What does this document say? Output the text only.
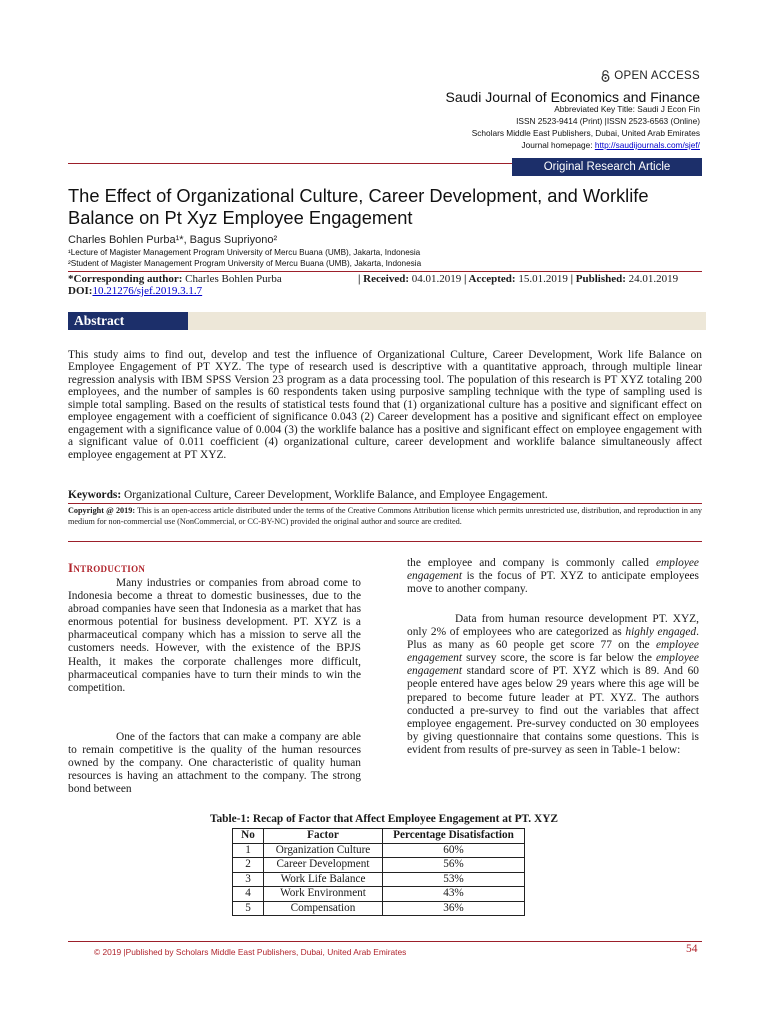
OPEN ACCESS
Saudi Journal of Economics and Finance
Abbreviated Key Title: Saudi J Econ Fin
ISSN 2523-9414 (Print) |ISSN 2523-6563 (Online)
Scholars Middle East Publishers, Dubai, United Arab Emirates
Journal homepage: http://saudijournals.com/sjef/
Original Research Article
The Effect of Organizational Culture, Career Development, and Worklife Balance on Pt Xyz Employee Engagement
Charles Bohlen Purba¹*, Bagus Supriyono²
¹Lecture of Magister Management Program University of Mercu Buana (UMB), Jakarta, Indonesia
²Student of Magister Management Program University of Mercu Buana (UMB), Jakarta, Indonesia
*Corresponding author: Charles Bohlen Purba	| Received: 04.01.2019 | Accepted: 15.01.2019 | Published: 24.01.2019
DOI:10.21276/sjef.2019.3.1.7
Abstract

This study aims to find out, develop and test the influence of Organizational Culture, Career Development, Work life Balance on Employee Engagement of PT XYZ. The type of research used is descriptive with a quantitative approach, through multiple linear regression analysis with IBM SPSS Version 23 program as a data processing tool. The population of this research is PT XYZ totaling 200 employees, and the number of samples is 60 respondents taken using purposive sampling technique with the type of sampling used is simple total sampling. Based on the results of statistical tests found that (1) organizational culture has a positive and significant effect on employee engagement with a coefficient of significance 0.043 (2) Career development has a positive and significant effect on employee engagement with a significance value of 0.004 (3) the worklife balance has a positive and significant effect on employee engagement with a significant value of 0.011 coefficient (4) organizational culture, career development and worklife balance simultaneously affect employee engagement at PT XYZ.

Keywords: Organizational Culture, Career Development, Worklife Balance, and Employee Engagement.

Copyright @ 2019: This is an open-access article distributed under the terms of the Creative Commons Attribution license which permits unrestricted use, distribution, and reproduction in any medium for non-commercial use (NonCommercial, or CC-BY-NC) provided the original author and source are credited.

Introduction

Many industries or companies from abroad come to Indonesia become a threat to domestic businesses, due to the abroad companies have seen that Indonesia as a market that has enormous potential for business development. PT. XYZ is a pharmaceutical company which has a mission to serve all the customers needs. However, with the existence of the BPJS Health, it makes the corporate challenges more difficult, pharmaceutical companies have to turn their minds to win the competition.

One of the factors that can make a company are able to remain competitive is the quality of the human resources owned by the company. One characteristic of quality human resources is having an attachment to the company. The strong bond between

the employee and company is commonly called employee engagement is the focus of PT. XYZ to anticipate employees move to another company.

Data from human resource development PT. XYZ, only 2% of employees who are categorized as highly engaged. Plus as many as 60 people get score 77 on the employee engagement survey score, the score is far below the employee engagement standard score of PT. XYZ which is 89. And 60 people entered have ages below 29 years where this age will be prepared to become future leader at PT. XYZ. The authors conducted a pre-survey to find out the variables that affect employee engagement. Pre-survey conducted on 30 employees by giving questionnaire that contains some questions. This is evident from results of pre-survey as seen in Table-1 below:

Table-1: Recap of Factor that Affect Employee Engagement at PT. XYZ
No	Factor	Percentage Disatisfaction
1	Organization Culture	60%
2	Career Development	56%
3	Work Life Balance	53%
4	Work Environment	43%
5	Compensation	36%
© 2019 |Published by Scholars Middle East Publishers, Dubai, United Arab Emirates	54
